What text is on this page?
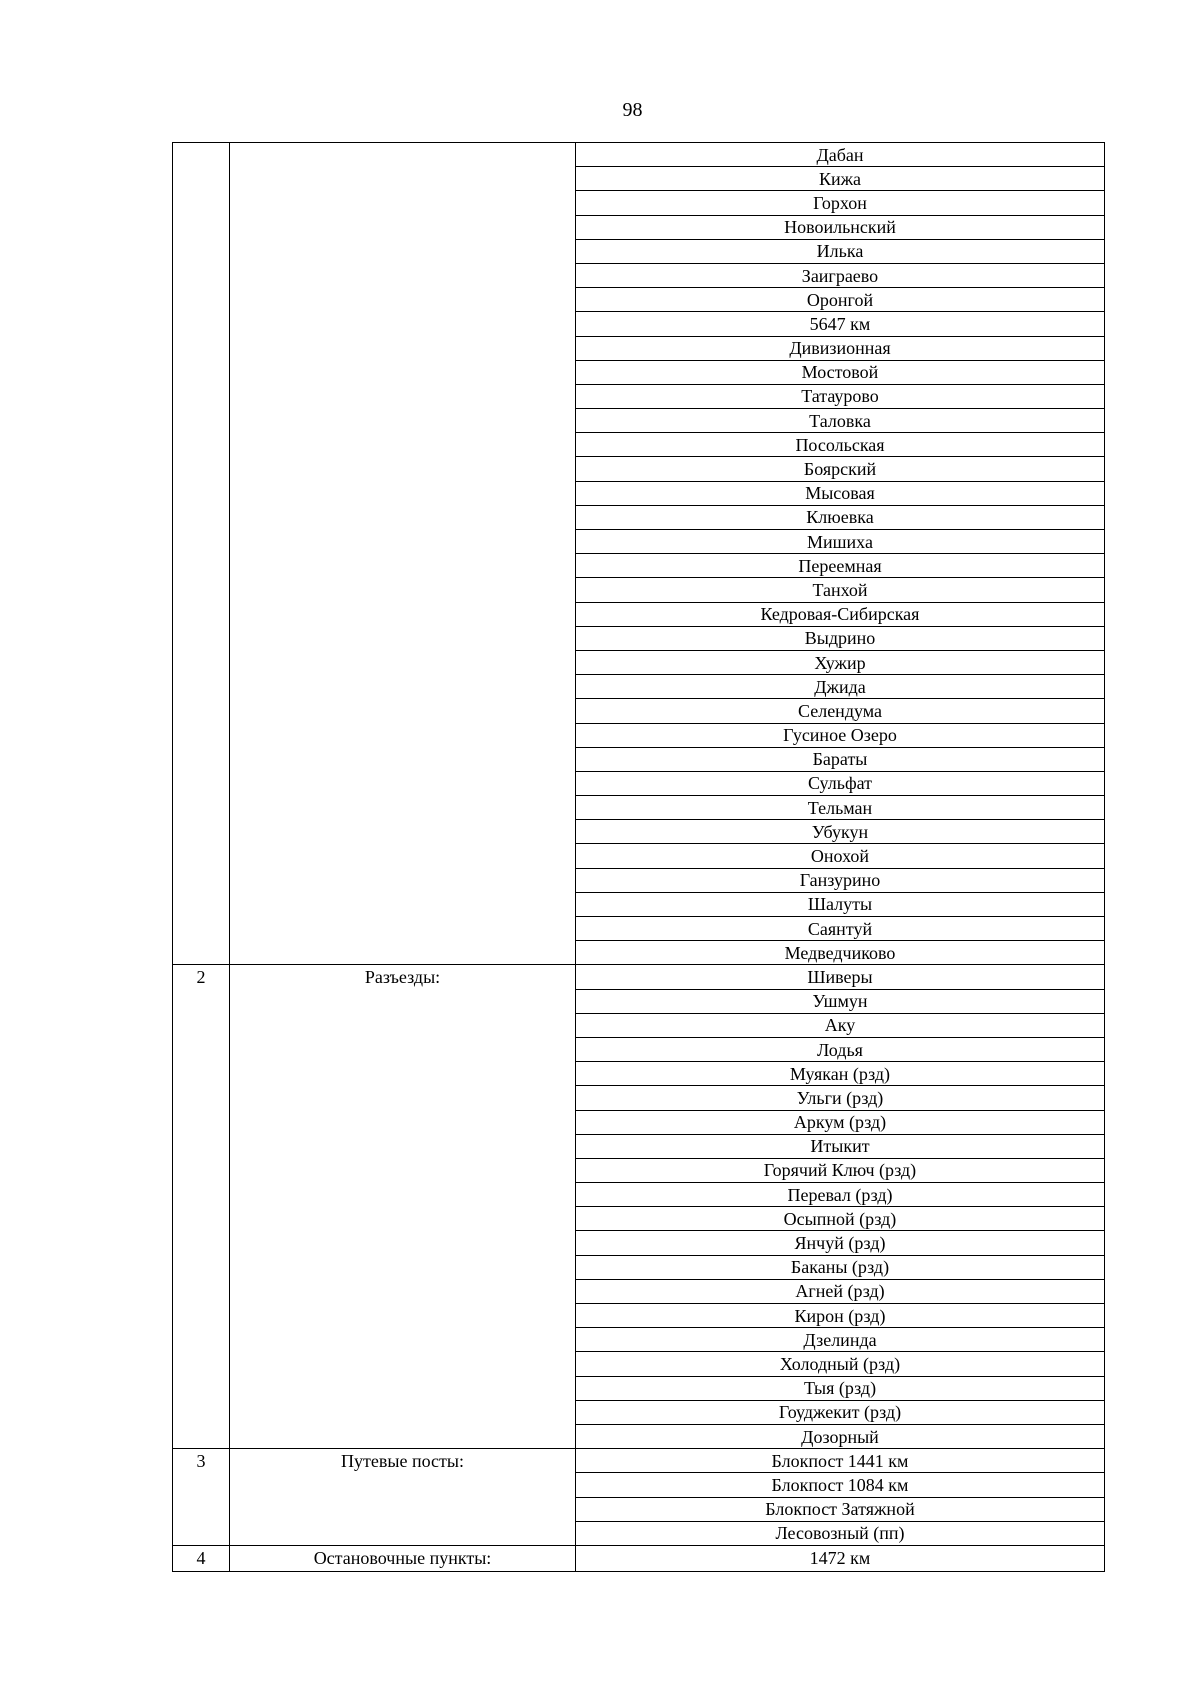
98
		Дабан
		Кижа
		Горхон
		Новоильнский
		Илька
		Заиграево
		Оронгой
		5647 км
		Дивизионная
		Мостовой
		Татаурово
		Таловка
		Посольская
		Боярский
		Мысовая
		Клюевка
		Мишиха
		Переемная
		Танхой
		Кедровая-Сибирская
		Выдрино
		Хужир
		Джида
		Селендума
		Гусиное Озеро
		Бараты
		Сульфат
		Тельман
		Убукун
		Онохой
		Ганзурино
		Шалуты
		Саянтуй
		Медведчиково
2	Разъезды:	Шиверы
		Ушмун
		Аку
		Лодья
		Муякан (рзд)
		Ульги (рзд)
		Аркум (рзд)
		Итыкит
		Горячий Ключ (рзд)
		Перевал (рзд)
		Осыпной (рзд)
		Янчуй (рзд)
		Баканы (рзд)
		Агней (рзд)
		Кирон (рзд)
		Дзелинда
		Холодный (рзд)
		Тыя (рзд)
		Гоуджекит (рзд)
		Дозорный
3	Путевые посты:	Блокпост 1441 км
		Блокпост 1084 км
		Блокпост Затяжной
		Лесовозный (пп)
4	Остановочные пункты:	1472 км
